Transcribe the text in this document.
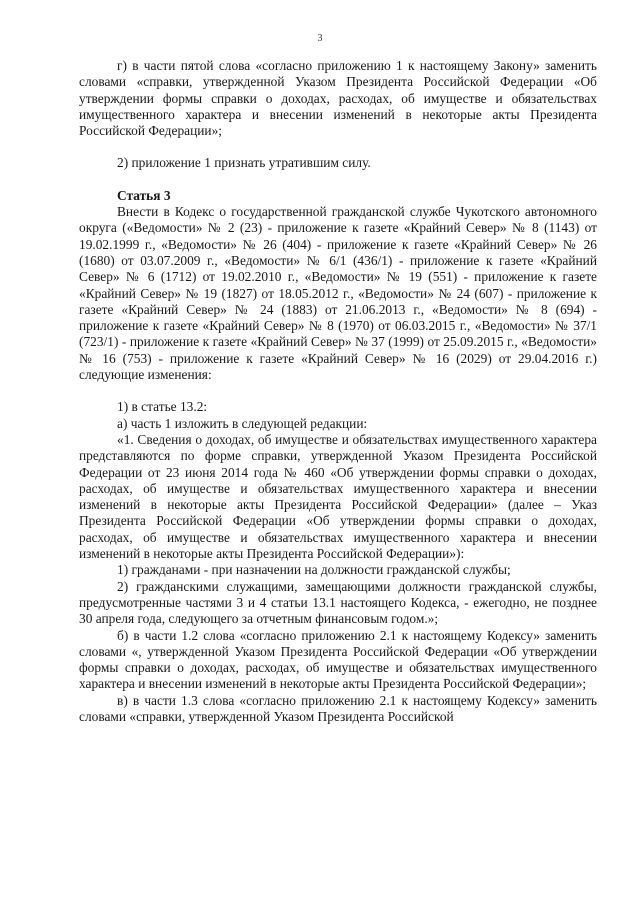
3

г) в части пятой слова «согласно приложению 1 к настоящему Закону» заменить словами «справки, утвержденной Указом Президента Российской Федерации «Об утверждении формы справки о доходах, расходах, об имуществе и обязательствах имущественного характера и внесении изменений в некоторые акты Президента Российской Федерации»;

2) приложение 1 признать утратившим силу.

Статья 3

Внести в Кодекс о государственной гражданской службе Чукотского автономного округа («Ведомости» № 2 (23) - приложение к газете «Крайний Север» № 8 (1143) от 19.02.1999 г., «Ведомости» № 26 (404) - приложение к газете «Крайний Север» № 26 (1680) от 03.07.2009 г., «Ведомости» № 6/1 (436/1) - приложение к газете «Крайний Север» № 6 (1712) от 19.02.2010 г., «Ведомости» № 19 (551) - приложение к газете «Крайний Север» № 19 (1827) от 18.05.2012 г., «Ведомости» № 24 (607) - приложение к газете «Крайний Север» № 24 (1883) от 21.06.2013 г., «Ведомости» № 8 (694) - приложение к газете «Крайний Север» № 8 (1970) от 06.03.2015 г., «Ведомости» № 37/1 (723/1) - приложение к газете «Крайний Север» № 37 (1999) от 25.09.2015 г., «Ведомости» № 16 (753) - приложение к газете «Крайний Север» № 16 (2029) от 29.04.2016 г.) следующие изменения:

1) в статье 13.2:

а) часть 1 изложить в следующей редакции:

«1. Сведения о доходах, об имуществе и обязательствах имущественного характера представляются по форме справки, утвержденной Указом Президента Российской Федерации от 23 июня 2014 года № 460 «Об утверждении формы справки о доходах, расходах, об имуществе и обязательствах имущественного характера и внесении изменений в некоторые акты Президента Российской Федерации» (далее – Указ Президента Российской Федерации «Об утверждении формы справки о доходах, расходах, об имуществе и обязательствах имущественного характера и внесении изменений в некоторые акты Президента Российской Федерации»):

1) гражданами - при назначении на должности гражданской службы;

2) гражданскими служащими, замещающими должности гражданской службы, предусмотренные частями 3 и 4 статьи 13.1 настоящего Кодекса, - ежегодно, не позднее 30 апреля года, следующего за отчетным финансовым годом.»;

б) в части 1.2 слова «согласно приложению 2.1 к настоящему Кодексу» заменить словами «, утвержденной Указом Президента Российской Федерации «Об утверждении формы справки о доходах, расходах, об имуществе и обязательствах имущественного характера и внесении изменений в некоторые акты Президента Российской Федерации»;

в) в части 1.3 слова «согласно приложению 2.1 к настоящему Кодексу» заменить словами «справки, утвержденной Указом Президента Российской
